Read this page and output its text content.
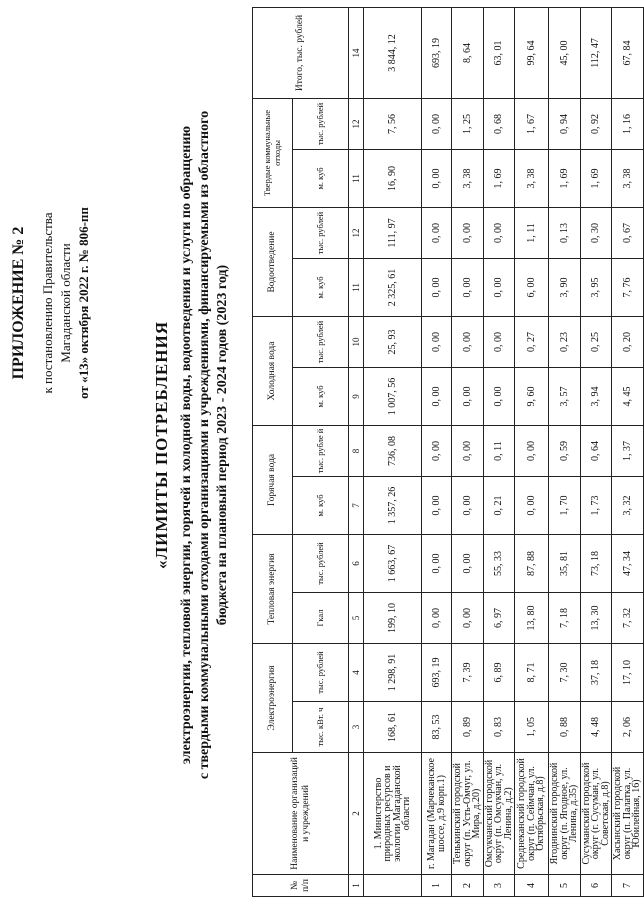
ПРИЛОЖЕНИЕ № 2 к постановлению Правительства Магаданской области от «13» октября 2022 г. № 806-пп
«ЛИМИТЫ ПОТРЕБЛЕНИЯ электроэнергии, тепловой энергии, горячей и холодной воды, водоотведения и услуги по обращению с твердыми коммунальными отходами организациями и учреждениями, финансируемыми из областного бюджета на плановый период 2023 - 2024 годов (2023 год)
№ п/п	Наименование организаций и учреждений	Электроэнергия		Тепловая энергия		Горячая вода		Холодная вода		Водоотведение		Твердые коммунальные отходы		Итого, тыс. рублей
		тыс. кВт. ч	тыс. рублей	Гкал	тыс. рублей	м. куб	тыс. рубле й	м. куб	тыс. рублей	м. куб	тыс. рублей	м. куб	тыс. рублей	
1	2	3	4	5	6	7	8	9	10	11	12	11	12	14
	1. Министерство природных ресурсов и экологии Магаданской области	168, 61	1 298, 91	199, 10	1 663, 67	1 357, 26	736, 08	1 007, 56	25, 93	2 325, 61	111, 97	16, 90	7, 56	3 844, 12
1	г. Магадан (Марчеканское шоссе, д.9 корп.1)	83, 53	693, 19	0, 00	0, 00	0, 00	0, 00	0, 00	0, 00	0, 00	0, 00	0, 00	0, 00	693, 19
2	Тенькинский городской округ (п. Усть-Омчуг, ул. Мира, д.20)	0, 89	7, 39	0, 00	0, 00	0, 00	0, 00	0, 00	0, 00	0, 00	0, 00	3, 38	1, 25	8, 64
3	Омсукчанский городской округ (п. Омсукчан, ул. Ленина, д.2)	0, 83	6, 89	6, 97	55, 33	0, 21	0, 11	0, 00	0, 00	0, 00	0, 00	1, 69	0, 68	63, 01
4	Среднеканский городской округ (п. Сеймчан, ул. Октябрьская, д.8)	1, 05	8, 71	13, 80	87, 88	0, 00	0, 00	9, 60	0, 27	6, 00	1, 11	3, 38	1, 67	99, 64
5	Ягоднинский городской округ (п. Ягодное, ул. Ленина, д.35)	0, 88	7, 30	7, 18	35, 81	1, 70	0, 59	3, 57	0, 23	3, 90	0, 13	1, 69	0, 94	45, 00
6	Сусуманский городской округ (г. Сусуман, ул. Советская, д.8)	4, 48	37, 18	13, 30	73, 18	1, 73	0, 64	3, 94	0, 25	3, 95	0, 30	1, 69	0, 92	112, 47
7	Хасынский городской округ (п. Палатка, ул. Юбилейная, 16)	2, 06	17, 10	7, 32	47, 34	3, 32	1, 37	4, 45	0, 20	7, 76	0, 67	3, 38	1, 16	67, 84
